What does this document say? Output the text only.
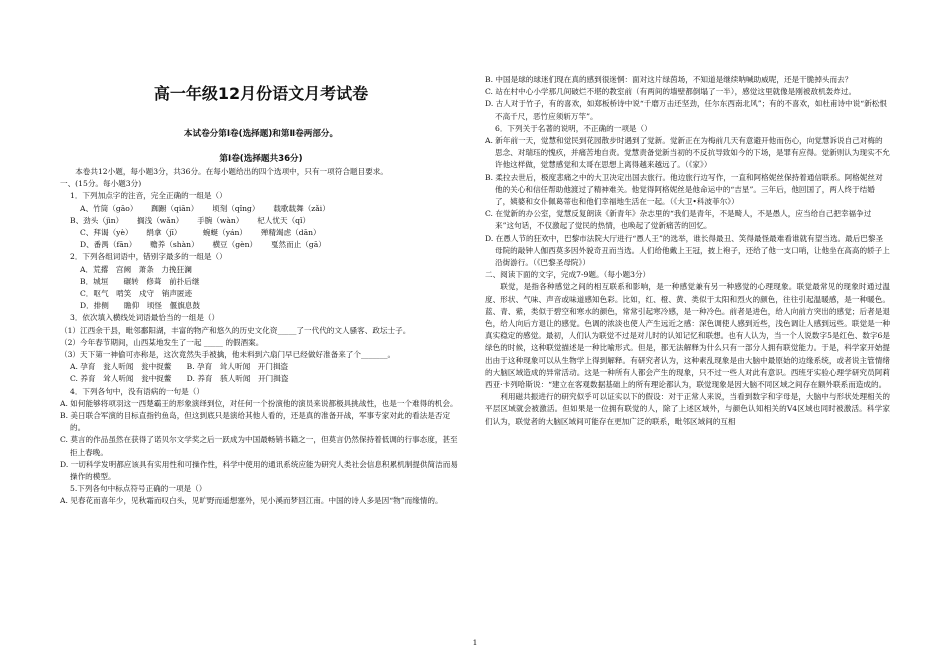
高一年级12月份语文月考试卷
本试卷分第Ⅰ卷(选择题)和第Ⅱ卷两部分。
第Ⅰ卷(选择题共36分)
本卷共12小题，每小题3分，共36分。在每小题给出的四个选项中，只有一项符合题目要求。
一、(15分。每小题3分)
1．下列加点字的注音，完全正确的一组是（）
A、竹筒（gāo）　　 踟蹰（qiān）　　 顷刻（qǐng）　　 载歌载舞（zǎi）
B、劲头（jìn）　　 搁浅（wǎn）　　 手腕（wàn）　　 杞人忧天（qǐ）
C、拜谒（yè）　　 绢拿（jī）　　　 蜿蜒（yán）　　 殚精竭虑（dān）
D、番禺（fān）　　 赡养（shàn）　　 横豆（gèn）　　 戛然而止（gā）
2．下列各组词语中，错别字最多的一组是（）
A．荒撂　宫阙　萧条　力挽狂澜
B．城垣　　碾转　修葺　前扑后继
C．呕气　啃笑　戍守　销声匿迹
D．排侧　　瞻仰　顷怪　偃旗息鼓
3．依次填入横线处词语最恰当的一组是（）
（1）江西余干县，毗邻鄱阳湖，丰富的物产和悠久的历史文化资_____了一代代的文人骚客、政坛士子。
（2）今年春节期间，山西某地发生了一起 _____ 的假酒案。
（3）天下第一神偷可亦称是，这次竟然失手被擒，他未料到六扇门早已经做好准备来了个_______。
A. 孕育　瓮人听闻　瓮中捉鳖　　B. 孕育　耸人听闻　开门揖盗
C. 养育　耸人听闻　瓮中捉鳖　　D. 养育　骇人听闻　开门揖盗
4．下列各句中，没有语病的一句是（）
A. 如何能够将项羽这一西楚霸王的形象演绎到位，对任何一个扮演他的演员来说都极具挑战性，也是一个难得的机会。
B. 美日联合军演的目标直指钓鱼岛，但这到底只是演给其他人看的，还是真的准备开战，军事专家对此的看法是否定的。
C. 莫言的作品虽然在获得了诺贝尔文学奖之后一跃成为中国最畅销书籍之一，但莫言仍然保持着低调的行事态度，甚至拒上春晚。
D. 一切科学发明都应该具有实用性和可操作性，科学中使用的通讯系统应能为研究人类社会信息积累机制提供简洁而易操作的模型。
5.下列各句中标点符号正确的一项是（）
A. 见春花而喜年少，见秋霜而叹白头，见旷野而遥想塞外，见小溪而梦回江南。中国的诗人多是因“物”而缘情的。
B. 中国是球的球迷们现在真的感到很迷惘：面对这片绿茵场，不知道是继续呐喊助威呢，还是干脆掉头而去？
C. 站在村中心小学那几间破烂不堪的教室前（有两间的墙壁都倒塌了一半），感觉这里就像是刚被敌机轰炸过。
D. 古人对于竹子，有的喜欢，如郑板桥诗中说“千磨万击还坚劲，任尔东西南北风”；有的不喜欢，如杜甫诗中说“新松恨不高千尺，恶竹应须斩万竿”。
6．下列关于名著的说明，不正确的一项是（）
A. 新年前一天，觉慧和觉民到花园散步时遇到了觉新。觉新正在为梅前几天有意避开他而伤心，向觉慧诉说自己对梅的思念、对瑞珏的愧疚，并痛苦地自责。觉慧责备觉新当初的不反抗导致如今的下场，是罪有应得。觉新则认为现实不允许他这样做，觉慧感觉和太哥在思想上离得越来越远了。（《家》）
B. 柔拉去世后，极度悲痛之中的大卫决定出国去旅行。他边旅行边写作，一直和阿格妮丝保持着通信联系。阿格妮丝对他的关心和信任帮助他渡过了精神难关。他觉得阿格妮丝是他命运中的“吉星”。三年后，他回国了，两人终于结婚了，姨婆和女仆佩葛蒂也和他们幸福地生活在一起。（《大卫•科波菲尔》）
C. 在觉新的办公室，觉慧反复朗读《新青年》杂志里的“我们是青年，不是畸人，不是愚人，应当给自己把幸福争过来”这句话，不仅激起了觉民的热情，也唤起了觉新痛苦的回忆。
D. 在愚人节的狂欢中，巴黎市法院大厅进行“愚人王”的选举，谁长得最丑、笑得最怪最难看谁就有望当选。最后巴黎圣母院的敲钟人伽西莫多因外貌奇丑而当选。人们给他戴上王冠，披上袍子，还给了他一支口哨，让他坐在高高的轿子上沿街游行。（《巴黎圣母院》）
二、阅读下面的文字，完成7-9题。（每小题3分）
联觉，是指各种感觉之间的相互联系和影响，是一种感觉兼有另一种感觉的心理现象。联觉最常见的现象时通过温度、形状、气味、声音或味道感知色彩。比如，红、橙、黄、类似于太阳和烈火的颜色，往往引起温暖感，是一种暖色。蓝、青、紫，类似于碧空和寒水的颜色，常常引起寒冷感，是一种冷色。前者是进色，给人向前方突出的感觉；后者是退色，给人向后方退让的感觉。色调的浓淡也使人产生远近之感：深色调使人感到近些，浅色调让人感到远些。联觉是一种真实稳定的感觉。最初，人们认为联觉不过是对儿时的认知记忆和联想。也有人认为，当一个人说数字5是红色、数字6是绿色的时候，这种联觉描述是一种比喻形式。但是，都无法解释为什么只有一部分人拥有联觉能力。于是，科学家开始提出由于这种现象可以从生物学上得到解释。有研究者认为，这种素乱现象是由大脑中最原始的边缘系统，或者说主管情绪的大脑区域造成的异常活动。这是一种所有人都会产生的现象，只不过一些人对此有意识。西班牙实验心理学研究员阿莉西亚·卡列哈斯说：“建立在客观数据基础上的所有理论都认为，联觉现象是因大脑不同区域之间存在额外联系而造成的。
利用磁共振进行的研究似乎可以证实以下的假设：对于正常人来说，当看到数字和字母是，大脑中与形状处理相关的平层区域就会被激活。但如果是一位拥有联觉的人，除了上述区域外，与颜色认知相关的V4区域也同时被激活。科学家们认为，联觉者的大脑区域间可能存在更加广泛的联系，毗邻区域间的互相
1
